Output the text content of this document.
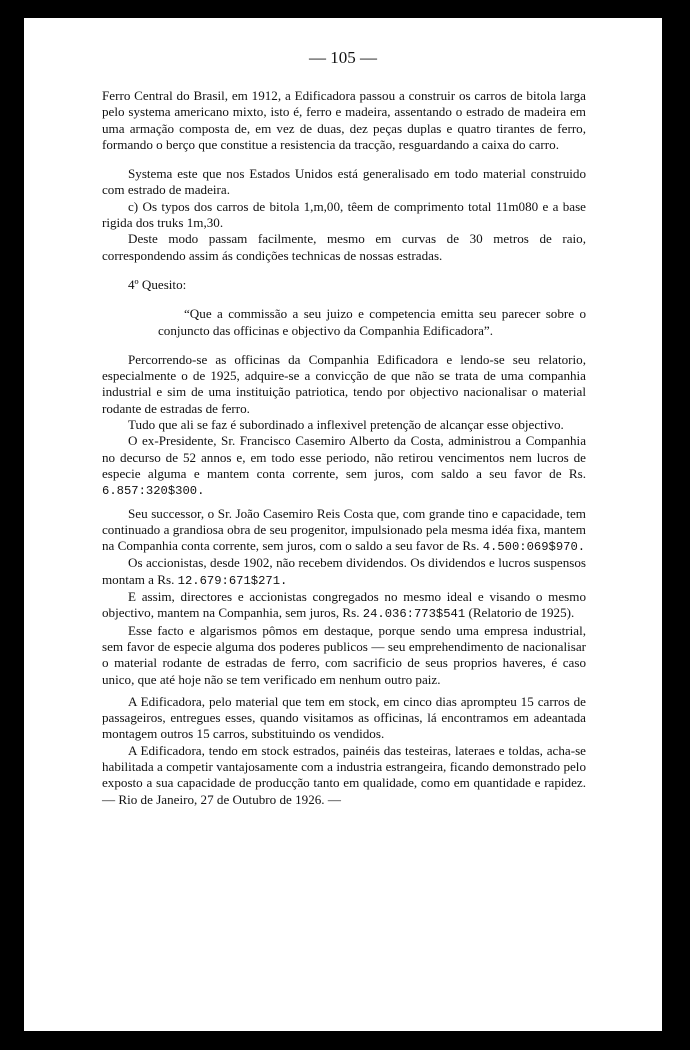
— 105 —

Ferro Central do Brasil, em 1912, a Edificadora passou a construir os carros de bitola larga pelo systema americano mixto, isto é, ferro e madeira, assentando o estrado de madeira em uma armação composta de, em vez de duas, dez peças duplas e quatro tirantes de ferro, formando o berço que constitue a resistencia da tracção, resguardando a caixa do carro.

Systema este que nos Estados Unidos está generalisado em todo material construido com estrado de madeira.

c) Os typos dos carros de bitola 1,m,00, têem de comprimento total 11m080 e a base rigida dos truks 1m,30.

Deste modo passam facilmente, mesmo em curvas de 30 metros de raio, correspondendo assim ás condições technicas de nossas estradas.

4º Quesito:

“Que a commissão a seu juizo e competencia emitta seu parecer sobre o conjuncto das officinas e objectivo da Companhia Edificadora”.

Percorrendo-se as officinas da Companhia Edificadora e lendo-se seu relatorio, especialmente o de 1925, adquire-se a convicção de que não se trata de uma companhia industrial e sim de uma instituição patriotica, tendo por objectivo nacionalisar o material rodante de estradas de ferro.

Tudo que ali se faz é subordinado a inflexivel pretenção de alcançar esse objectivo.

O ex-Presidente, Sr. Francisco Casemiro Alberto da Costa, administrou a Companhia no decurso de 52 annos e, em todo esse periodo, não retirou vencimentos nem lucros de especie alguma e mantem conta corrente, sem juros, com saldo a seu favor de Rs. 6.857:320$300.

Seu successor, o Sr. João Casemiro Reis Costa que, com grande tino e capacidade, tem continuado a grandiosa obra de seu progenitor, impulsionado pela mesma idéa fixa, mantem na Companhia conta corrente, sem juros, com o saldo a seu favor de Rs. 4.500:069$970.

Os accionistas, desde 1902, não recebem dividendos. Os dividendos e lucros suspensos montam a Rs. 12.679:671$271.

E assim, directores e accionistas congregados no mesmo ideal e visando o mesmo objectivo, mantem na Companhia, sem juros, Rs. 24.036:773$541 (Relatorio de 1925).

Esse facto e algarismos pômos em destaque, porque sendo uma empresa industrial, sem favor de especie alguma dos poderes publicos — seu emprehendimento de nacionalisar o material rodante de estradas de ferro, com sacrificio de seus proprios haveres, é caso unico, que até hoje não se tem verificado em nenhum outro paiz.

A Edificadora, pelo material que tem em stock, em cinco dias aprompteu 15 carros de passageiros, entregues esses, quando visitamos as officinas, lá encontramos em adeantada montagem outros 15 carros, substituindo os vendidos.

A Edificadora, tendo em stock estrados, painéis das testeiras, lateraes e toldas, acha-se habilitada a competir vantajosamente com a industria estrangeira, ficando demonstrado pelo exposto a sua capacidade de producção tanto em qualidade, como em quantidade e rapidez. — Rio de Janeiro, 27 de Outubro de 1926. —
